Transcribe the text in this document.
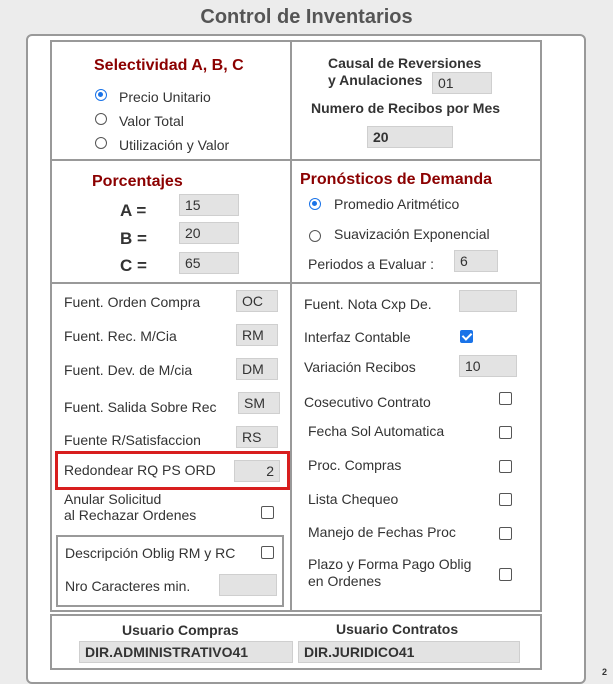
Control de Inventarios
Selectividad A, B, C
Precio Unitario
Valor Total
Utilización y Valor
Causal de Reversiones
y Anulaciones	01
Numero de Recibos por Mes
20
Porcentajes
A =	15
B =	20
C =	65
Pronósticos de Demanda
Promedio Aritmético
Suavización Exponencial
Periodos a Evaluar :	6
Fuent. Orden Compra	OC
Fuent. Rec. M/Cia	RM
Fuent. Dev. de M/cia	DM
Fuent. Salida Sobre Rec	SM
Fuente R/Satisfaccion	RS
Redondear RQ PS ORD	2
Anular Solicitud
al Rechazar Ordenes
Descripción Oblig RM y RC
Nro Caracteres min.
Fuent. Nota Cxp De.
Interfaz Contable
Variación Recibos	10
Cosecutivo Contrato
Fecha Sol Automatica
Proc. Compras
Lista Chequeo
Manejo de Fechas Proc
Plazo y Forma Pago Oblig
en Ordenes
Usuario Compras
DIR.ADMINISTRATIVO41
Usuario Contratos
DIR.JURIDICO41
2
